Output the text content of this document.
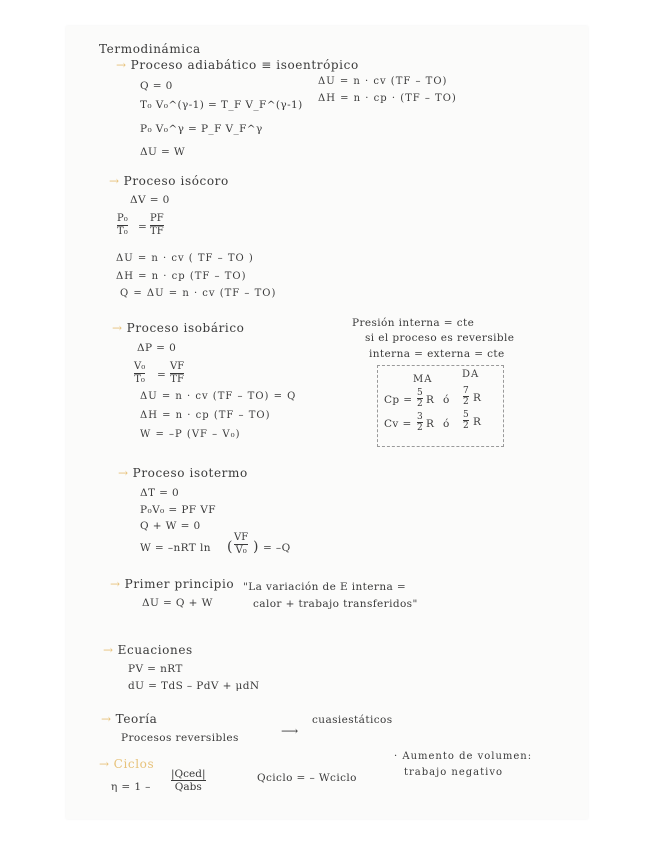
Termodinámica
→ Proceso adiabático ≡ isoentrópico
Q = 0
T₀ V₀^(γ-1) = T_F V_F^(γ-1)
P₀ V₀^γ = P_F V_F^γ
ΔU = W
ΔU = n · cv (TF – TO)
ΔH = n · cp · (TF – TO)
→ Proceso isócoro
ΔV = 0
P₀
T₀ =
PF
TF
ΔU = n · cv ( TF – TO )
ΔH = n · cp (TF – TO)
Q = ΔU = n · cv (TF – TO)
→ Proceso isobárico
ΔP = 0
V₀
T₀ =
VF
TF
ΔU = n · cv (TF – TO) = Q
ΔH = n · cp (TF – TO)
W = –P (VF – V₀)
Presión interna = cte
si el proceso es reversible
interna = externa = cte
MA	DA
Cp =
5
2 R ó
7
2 R
Cv =
3
2 R ó
5
2 R
→ Proceso isotermo
ΔT = 0
P₀V₀ = PF VF
Q + W = 0
W = –nRT ln (
VF
V₀ ) = –Q
→ Primer principio
ΔU = Q + W
"La variación de E interna =
calor + trabajo transferidos"
→ Ecuaciones
PV = nRT
dU = TdS – PdV + μdN
→ Teoría
Procesos reversibles	⟶
cuasiestáticos
→ Ciclos
η = 1 –
|Qced|
Qabs
Qciclo = – Wciclo
· Aumento de volumen:
trabajo negativo
